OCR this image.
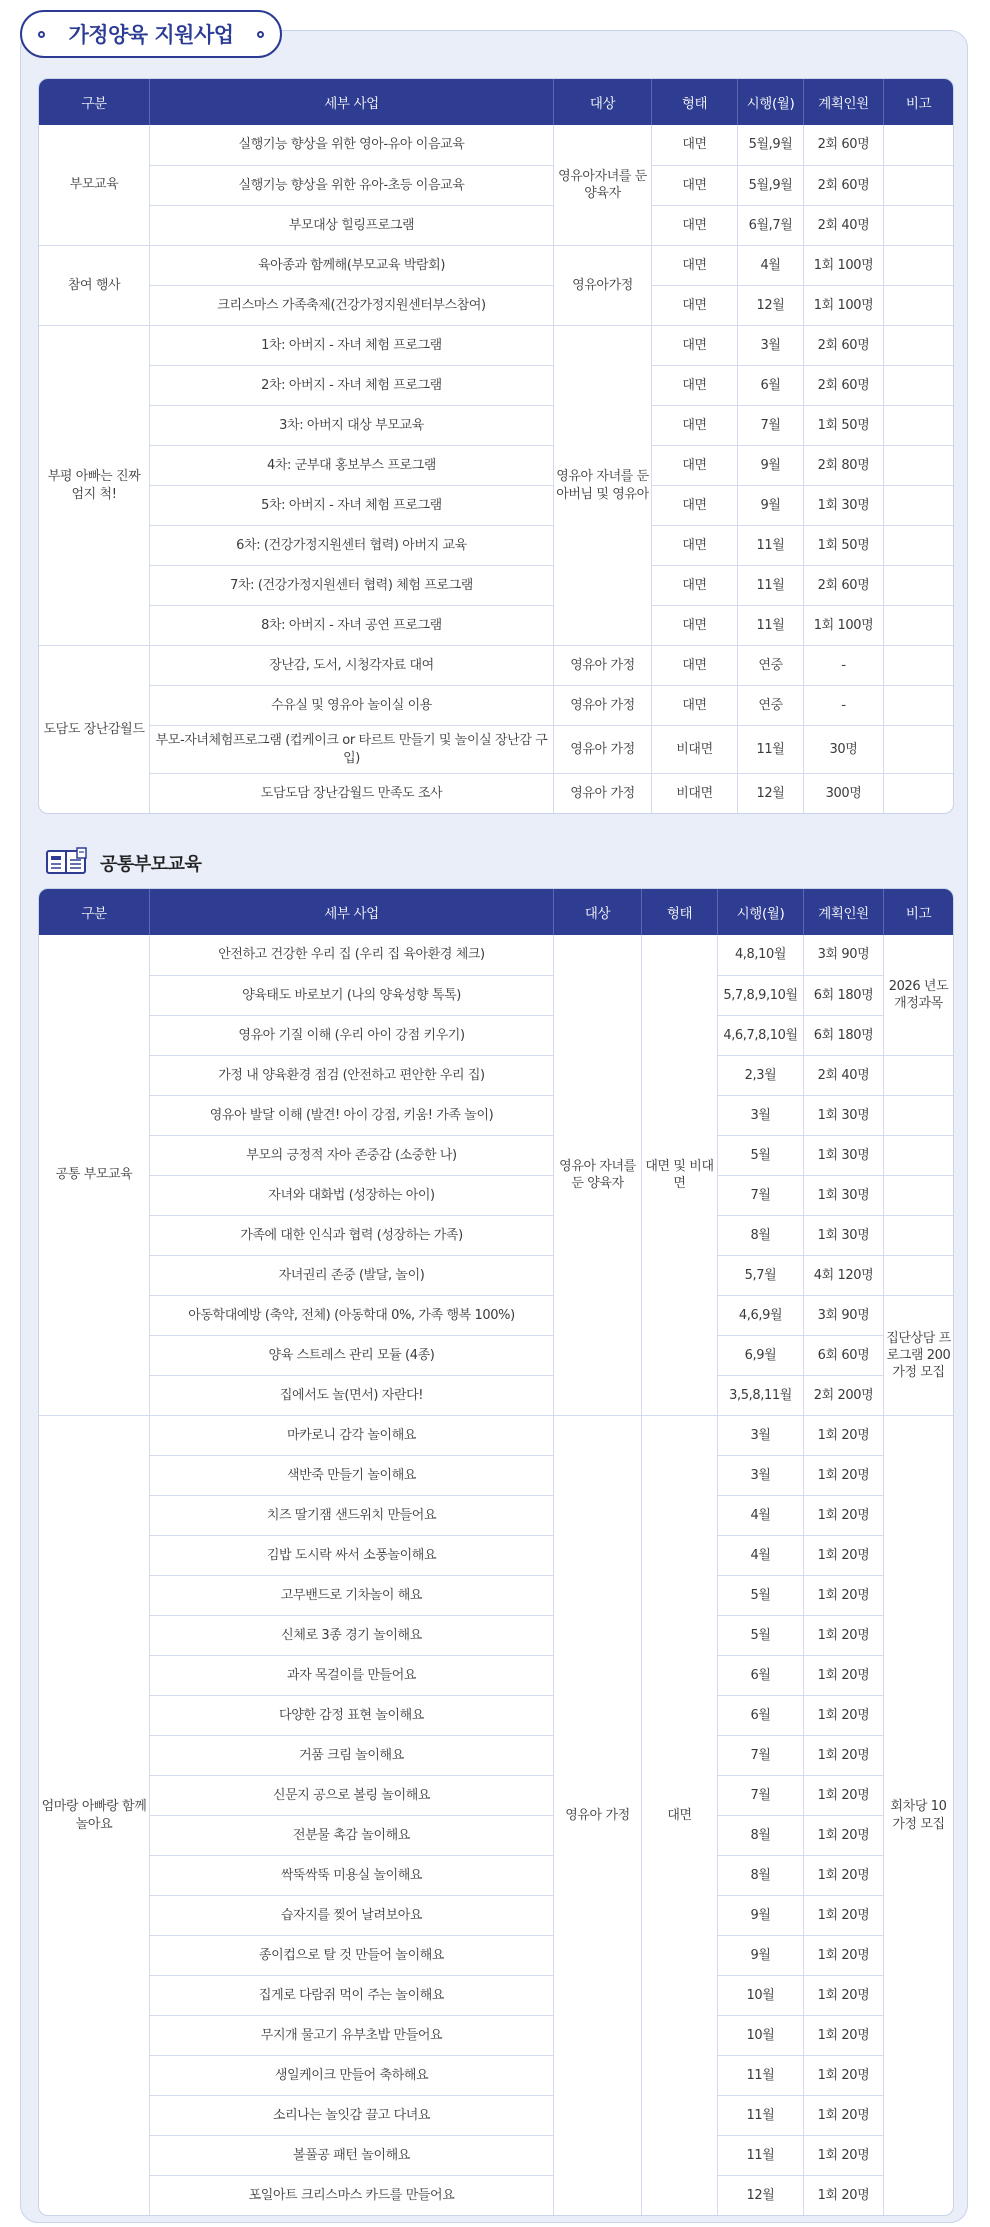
가정양육 지원사업
구분	세부 사업	대상	형태	시행(월)	계획인원	비고
부모교육	실행기능 향상을 위한 영아-유아 이음교육	영유아자녀를 둔 양육자	대면	5월,9월	2회 60명	
	실행기능 향상을 위한 유아-초등 이음교육		대면	5월,9월	2회 60명	
	부모대상 힐링프로그램		대면	6월,7월	2회 40명	
참여 행사	육아종과 함께해(부모교육 박람회)	영유아가정	대면	4월	1회 100명	
	크리스마스 가족축제(건강가정지원센터부스참여)		대면	12월	1회 100명	
부평 아빠는 진짜 엄지 척!	1차: 아버지 - 자녀 체험 프로그램	영유아 자녀를 둔 아버님 및 영유아	대면	3월	2회 60명	
	2차: 아버지 - 자녀 체험 프로그램		대면	6월	2회 60명	
	3차: 아버지 대상 부모교육		대면	7월	1회 50명	
	4차: 군부대 홍보부스 프로그램		대면	9월	2회 80명	
	5차: 아버지 - 자녀 체험 프로그램		대면	9월	1회 30명	
	6차: (건강가정지원센터 협력) 아버지 교육		대면	11월	1회 50명	
	7차: (건강가정지원센터 협력) 체험 프로그램		대면	11월	2회 60명	
	8차: 아버지 - 자녀 공연 프로그램		대면	11월	1회 100명	
도담도 장난감월드	장난감, 도서, 시청각자료 대여	영유아 가정	대면	연중	-	
	수유실 및 영유아 놀이실 이용	영유아 가정	대면	연중	-	
	부모-자녀체험프로그램 (컵케이크 or 타르트 만들기 및 놀이실 장난감 구입)	영유아 가정	비대면	11월	30명	
	도담도담 장난감월드 만족도 조사	영유아 가정	비대면	12월	300명	
공통부모교육
구분	세부 사업	대상	형태	시행(월)	계획인원	비고
공통 부모교육	안전하고 건강한 우리 집 (우리 집 육아환경 체크)	영유아 자녀를 둔 양육자	대면 및 비대면	4,8,10월	3회 90명	2026 년도 개정과목
	양육태도 바로보기 (나의 양육성향 톡톡)			5,7,8,9,10월	6회 180명	
	영유아 기질 이해 (우리 아이 강점 키우기)			4,6,7,8,10월	6회 180명	
	가정 내 양육환경 점검 (안전하고 편안한 우리 집)			2,3월	2회 40명	
	영유아 발달 이해 (발견! 아이 강점, 키움! 가족 놀이)			3월	1회 30명	
	부모의 긍정적 자아 존중감 (소중한 나)			5월	1회 30명	
	자녀와 대화법 (성장하는 아이)			7월	1회 30명	
	가족에 대한 인식과 협력 (성장하는 가족)			8월	1회 30명	
	자녀권리 존중 (발달, 놀이)			5,7월	4회 120명	
	아동학대예방 (축약, 전체) (아동학대 0%, 가족 행복 100%)			4,6,9월	3회 90명	집단상담 프로그램 200가정 모집
	양육 스트레스 관리 모듈 (4종)			6,9월	6회 60명	
	집에서도 놀(면서) 자란다!			3,5,8,11월	2회 200명	
엄마랑 아빠랑 함께 놀아요	마카로니 감각 놀이해요	영유아 가정	대면	3월	1회 20명	회차당 10가정 모집
	색반죽 만들기 놀이해요			3월	1회 20명	
	치즈 딸기잼 샌드위치 만들어요			4월	1회 20명	
	김밥 도시락 싸서 소풍놀이해요			4월	1회 20명	
	고무밴드로 기차놀이 해요			5월	1회 20명	
	신체로 3종 경기 놀이해요			5월	1회 20명	
	과자 목걸이를 만들어요			6월	1회 20명	
	다양한 감정 표현 놀이해요			6월	1회 20명	
	거품 크림 놀이해요			7월	1회 20명	
	신문지 공으로 볼링 놀이해요			7월	1회 20명	
	전분물 촉감 놀이해요			8월	1회 20명	
	싹뚝싹뚝 미용실 놀이해요			8월	1회 20명	
	습자지를 찢어 날려보아요			9월	1회 20명	
	종이컵으로 탈 것 만들어 놀이해요			9월	1회 20명	
	집게로 다람쥐 먹이 주는 놀이해요			10월	1회 20명	
	무지개 물고기 유부초밥 만들어요			10월	1회 20명	
	생일케이크 만들어 축하해요			11월	1회 20명	
	소리나는 놀잇감 끌고 다녀요			11월	1회 20명	
	볼풀공 패턴 놀이해요			11월	1회 20명	
	포일아트 크리스마스 카드를 만들어요			12월	1회 20명	
